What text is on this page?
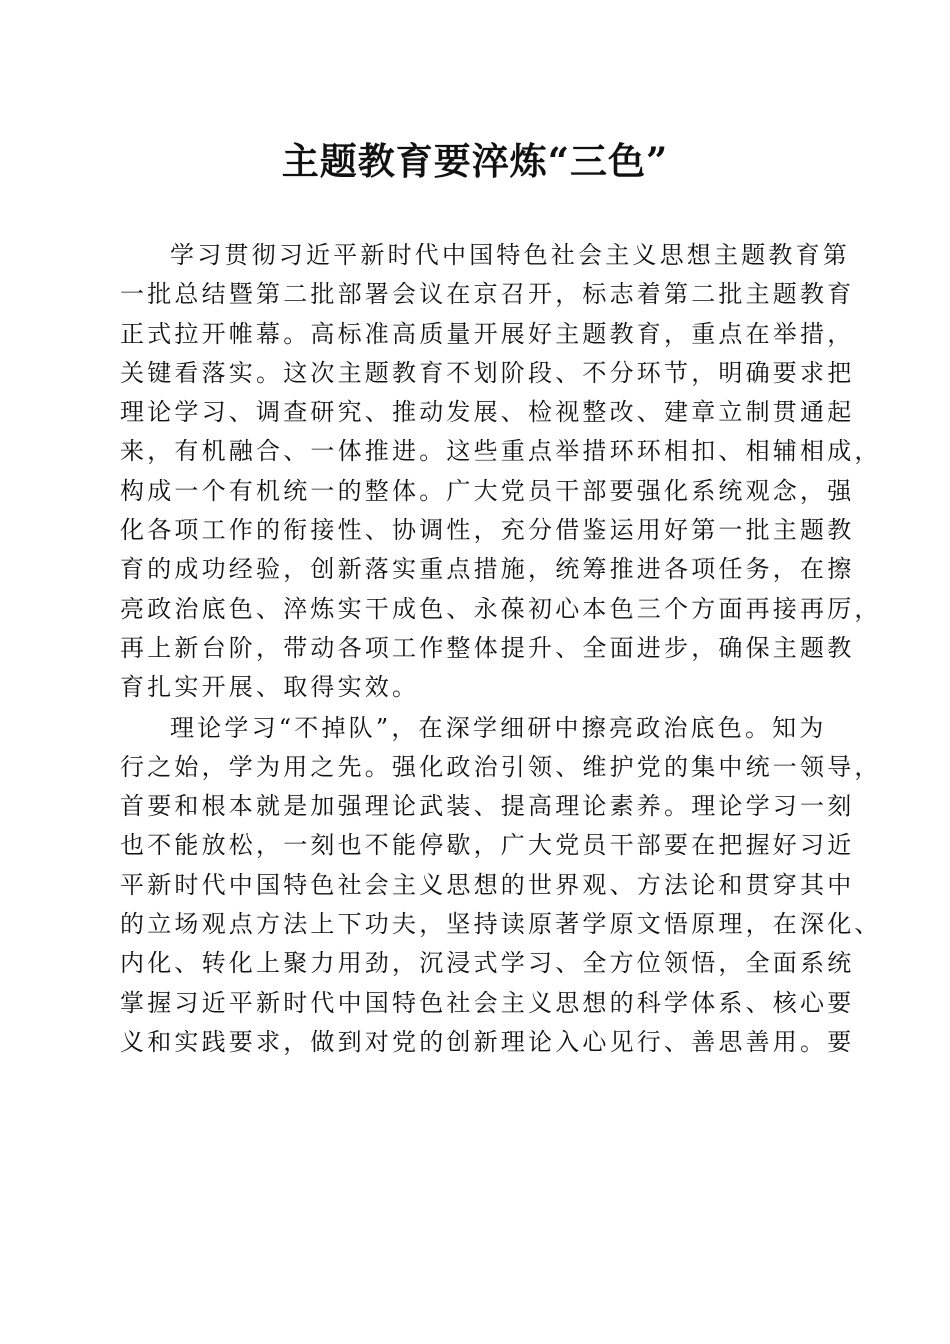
主题教育要淬炼“三色”
学习贯彻习近平新时代中国特色社会主义思想主题教育第
一批总结暨第二批部署会议在京召开，标志着第二批主题教育
正式拉开帷幕。高标准高质量开展好主题教育，重点在举措，
关键看落实。这次主题教育不划阶段、不分环节，明确要求把
理论学习、调查研究、推动发展、检视整改、建章立制贯通起
来，有机融合、一体推进。这些重点举措环环相扣、相辅相成，
构成一个有机统一的整体。广大党员干部要强化系统观念，强
化各项工作的衔接性、协调性，充分借鉴运用好第一批主题教
育的成功经验，创新落实重点措施，统筹推进各项任务，在擦
亮政治底色、淬炼实干成色、永葆初心本色三个方面再接再厉，
再上新台阶，带动各项工作整体提升、全面进步，确保主题教
育扎实开展、取得实效。
理论学习“不掉队”，在深学细研中擦亮政治底色。知为
行之始，学为用之先。强化政治引领、维护党的集中统一领导，
首要和根本就是加强理论武装、提高理论素养。理论学习一刻
也不能放松，一刻也不能停歇，广大党员干部要在把握好习近
平新时代中国特色社会主义思想的世界观、方法论和贯穿其中
的立场观点方法上下功夫，坚持读原著学原文悟原理，在深化、
内化、转化上聚力用劲，沉浸式学习、全方位领悟，全面系统
掌握习近平新时代中国特色社会主义思想的科学体系、核心要
义和实践要求，做到对党的创新理论入心见行、善思善用。要
